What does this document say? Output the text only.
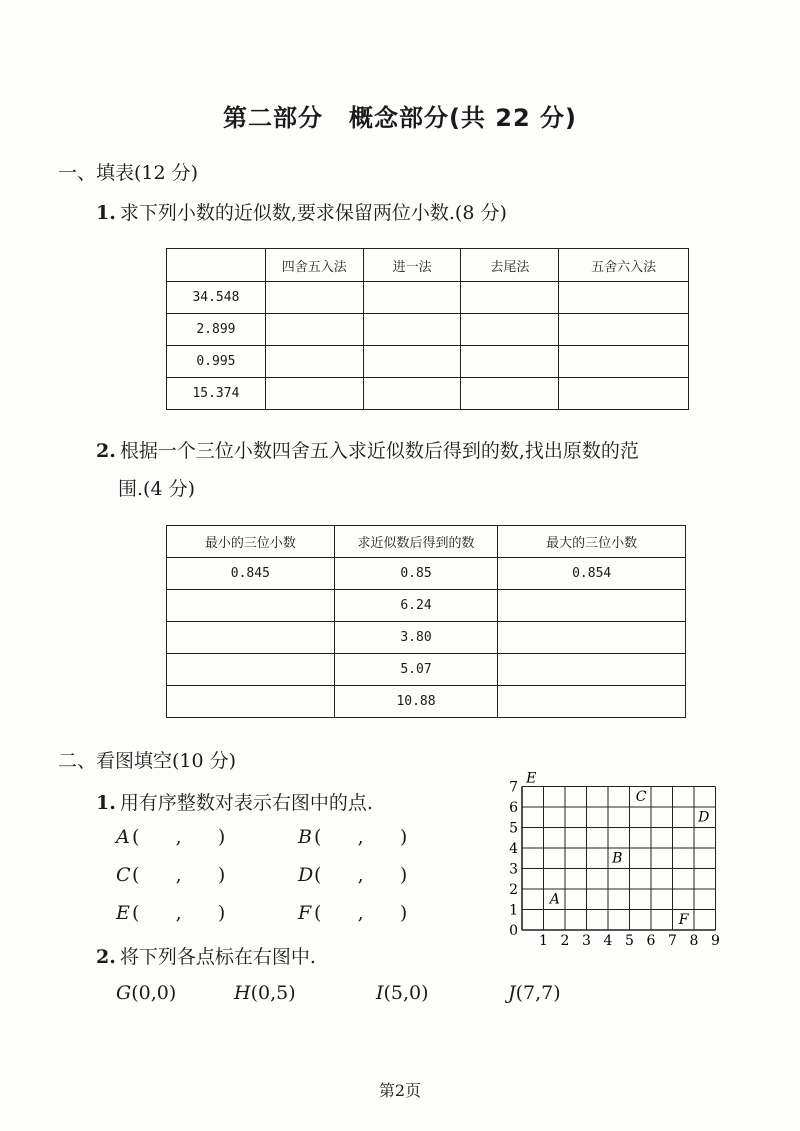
第二部分 概念部分(共 22 分)
一、填表(12 分)
1. 求下列小数的近似数,要求保留两位小数.(8 分)
	四舍五入法	进一法	去尾法	五舍六入法
34.548				
2.899				
0.995				
15.374				
2. 根据一个三位小数四舍五入求近似数后得到的数,找出原数的范
围.(4 分)
最小的三位小数	求近似数后得到的数	最大的三位小数
0.845	0.85	0.854
	6.24	
	3.80	
	5.07	
	10.88	
二、看图填空(10 分)
1. 用有序整数对表示右图中的点.
A (      ,      )	B (      ,      )
C(      ,      )	D(      ,      )
E (      ,      )	F (      ,      )
2. 将下列各点标在右图中.
G(0,0)	H(0,5)	I(5,0)	J(7,7)
1 2 3 4 5 6 7 8 9
0
1
2
3
4
5
6
7
A
B
C
D
E
F
第2页
